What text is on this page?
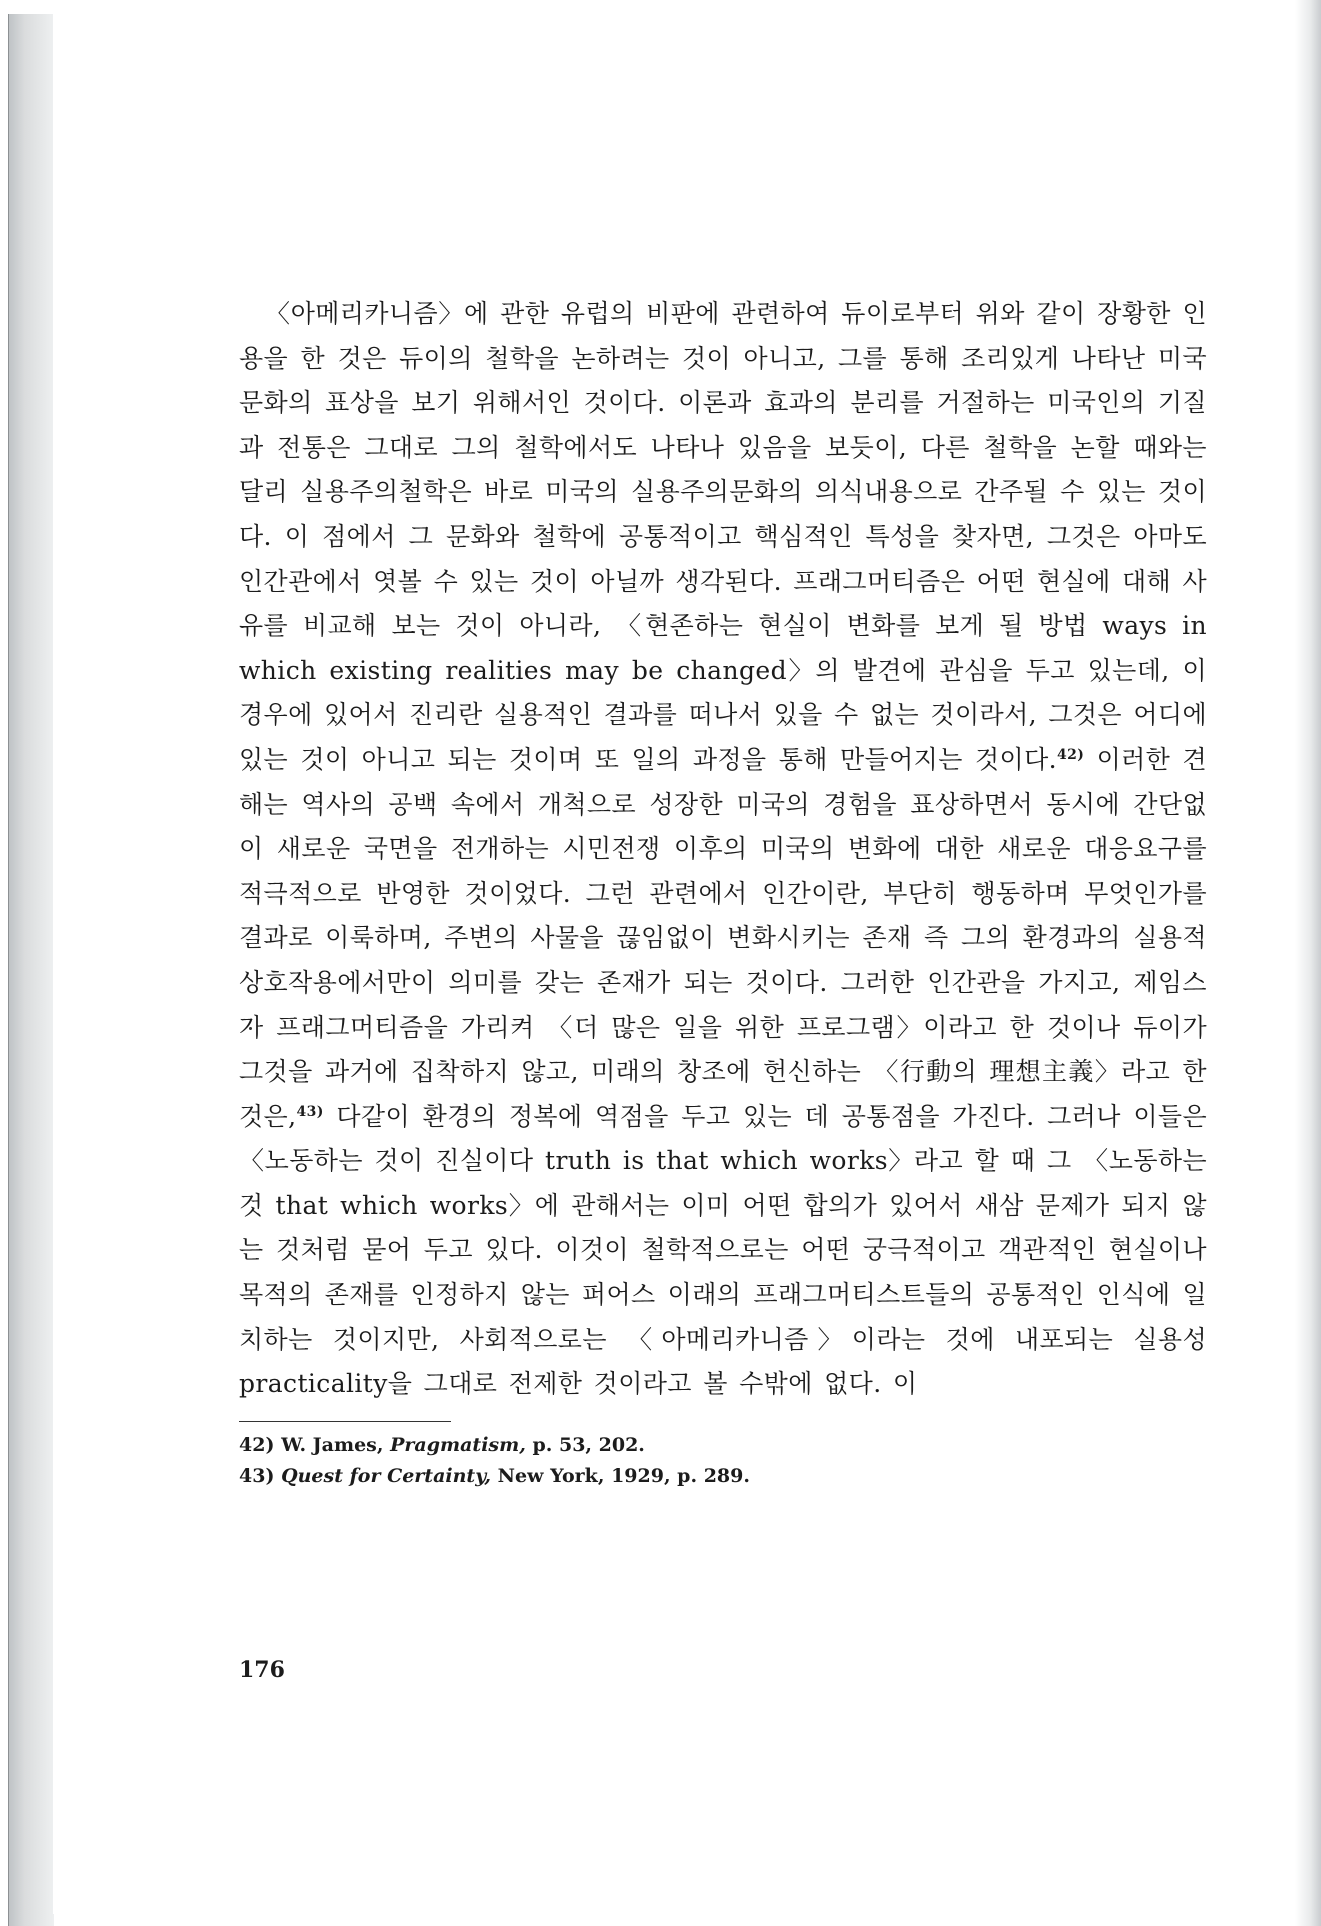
〈아메리카니즘〉에 관한 유럽의 비판에 관련하여 듀이로부터 위와 같이 장황한 인용을 한 것은 듀이의 철학을 논하려는 것이 아니고, 그를 통해 조리있게 나타난 미국문화의 표상을 보기 위해서인 것이다. 이론과 효과의 분리를 거절하는 미국인의 기질과 전통은 그대로 그의 철학에서도 나타나 있음을 보듯이, 다른 철학을 논할 때와는 달리 실용주의철학은 바로 미국의 실용주의문화의 의식내용으로 간주될 수 있는 것이다. 이 점에서 그 문화와 철학에 공통적이고 핵심적인 특성을 찾자면, 그것은 아마도 인간관에서 엿볼 수 있는 것이 아닐까 생각된다. 프래그머티즘은 어떤 현실에 대해 사유를 비교해 보는 것이 아니라, 〈현존하는 현실이 변화를 보게 될 방법 ways in which existing realities may be changed〉의 발견에 관심을 두고 있는데, 이 경우에 있어서 진리란 실용적인 결과를 떠나서 있을 수 없는 것이라서, 그것은 어디에 있는 것이 아니고 되는 것이며 또 일의 과정을 통해 만들어지는 것이다.$^{42)}$ 이러한 견해는 역사의 공백 속에서 개척으로 성장한 미국의 경험을 표상하면서 동시에 간단없이 새로운 국면을 전개하는 시민전쟁 이후의 미국의 변화에 대한 새로운 대응요구를 적극적으로 반영한 것이었다. 그런 관련에서 인간이란, 부단히 행동하며 무엇인가를 결과로 이룩하며, 주변의 사물을 끊임없이 변화시키는 존재 즉 그의 환경과의 실용적 상호작용에서만이 의미를 갖는 존재가 되는 것이다. 그러한 인간관을 가지고, 제임스가 프래그머티즘을 가리켜 〈더 많은 일을 위한 프로그램〉이라고 한 것이나 듀이가 그것을 과거에 집착하지 않고, 미래의 창조에 헌신하는 〈行動의 理想主義〉라고 한 것은,$^{43)}$ 다같이 환경의 정복에 역점을 두고 있는 데 공통점을 가진다. 그러나 이들은 〈노동하는 것이 진실이다 truth is that which works〉라고 할 때 그 〈노동하는 것 that which works〉에 관해서는 이미 어떤 합의가 있어서 새삼 문제가 되지 않는 것처럼 묻어 두고 있다. 이것이 철학적으로는 어떤 궁극적이고 객관적인 현실이나 목적의 존재를 인정하지 않는 퍼어스 이래의 프래그머티스트들의 공통적인 인식에 일치하는 것이지만, 사회적으로는 〈아메리카니즘〉이라는 것에 내포되는 실용성 practicality을 그대로 전제한 것이라고 볼 수밖에 없다. 이

42) W. James, Pragmatism, p. 53, 202.
43) Quest for Certainty, New York, 1929, p. 289.
176
